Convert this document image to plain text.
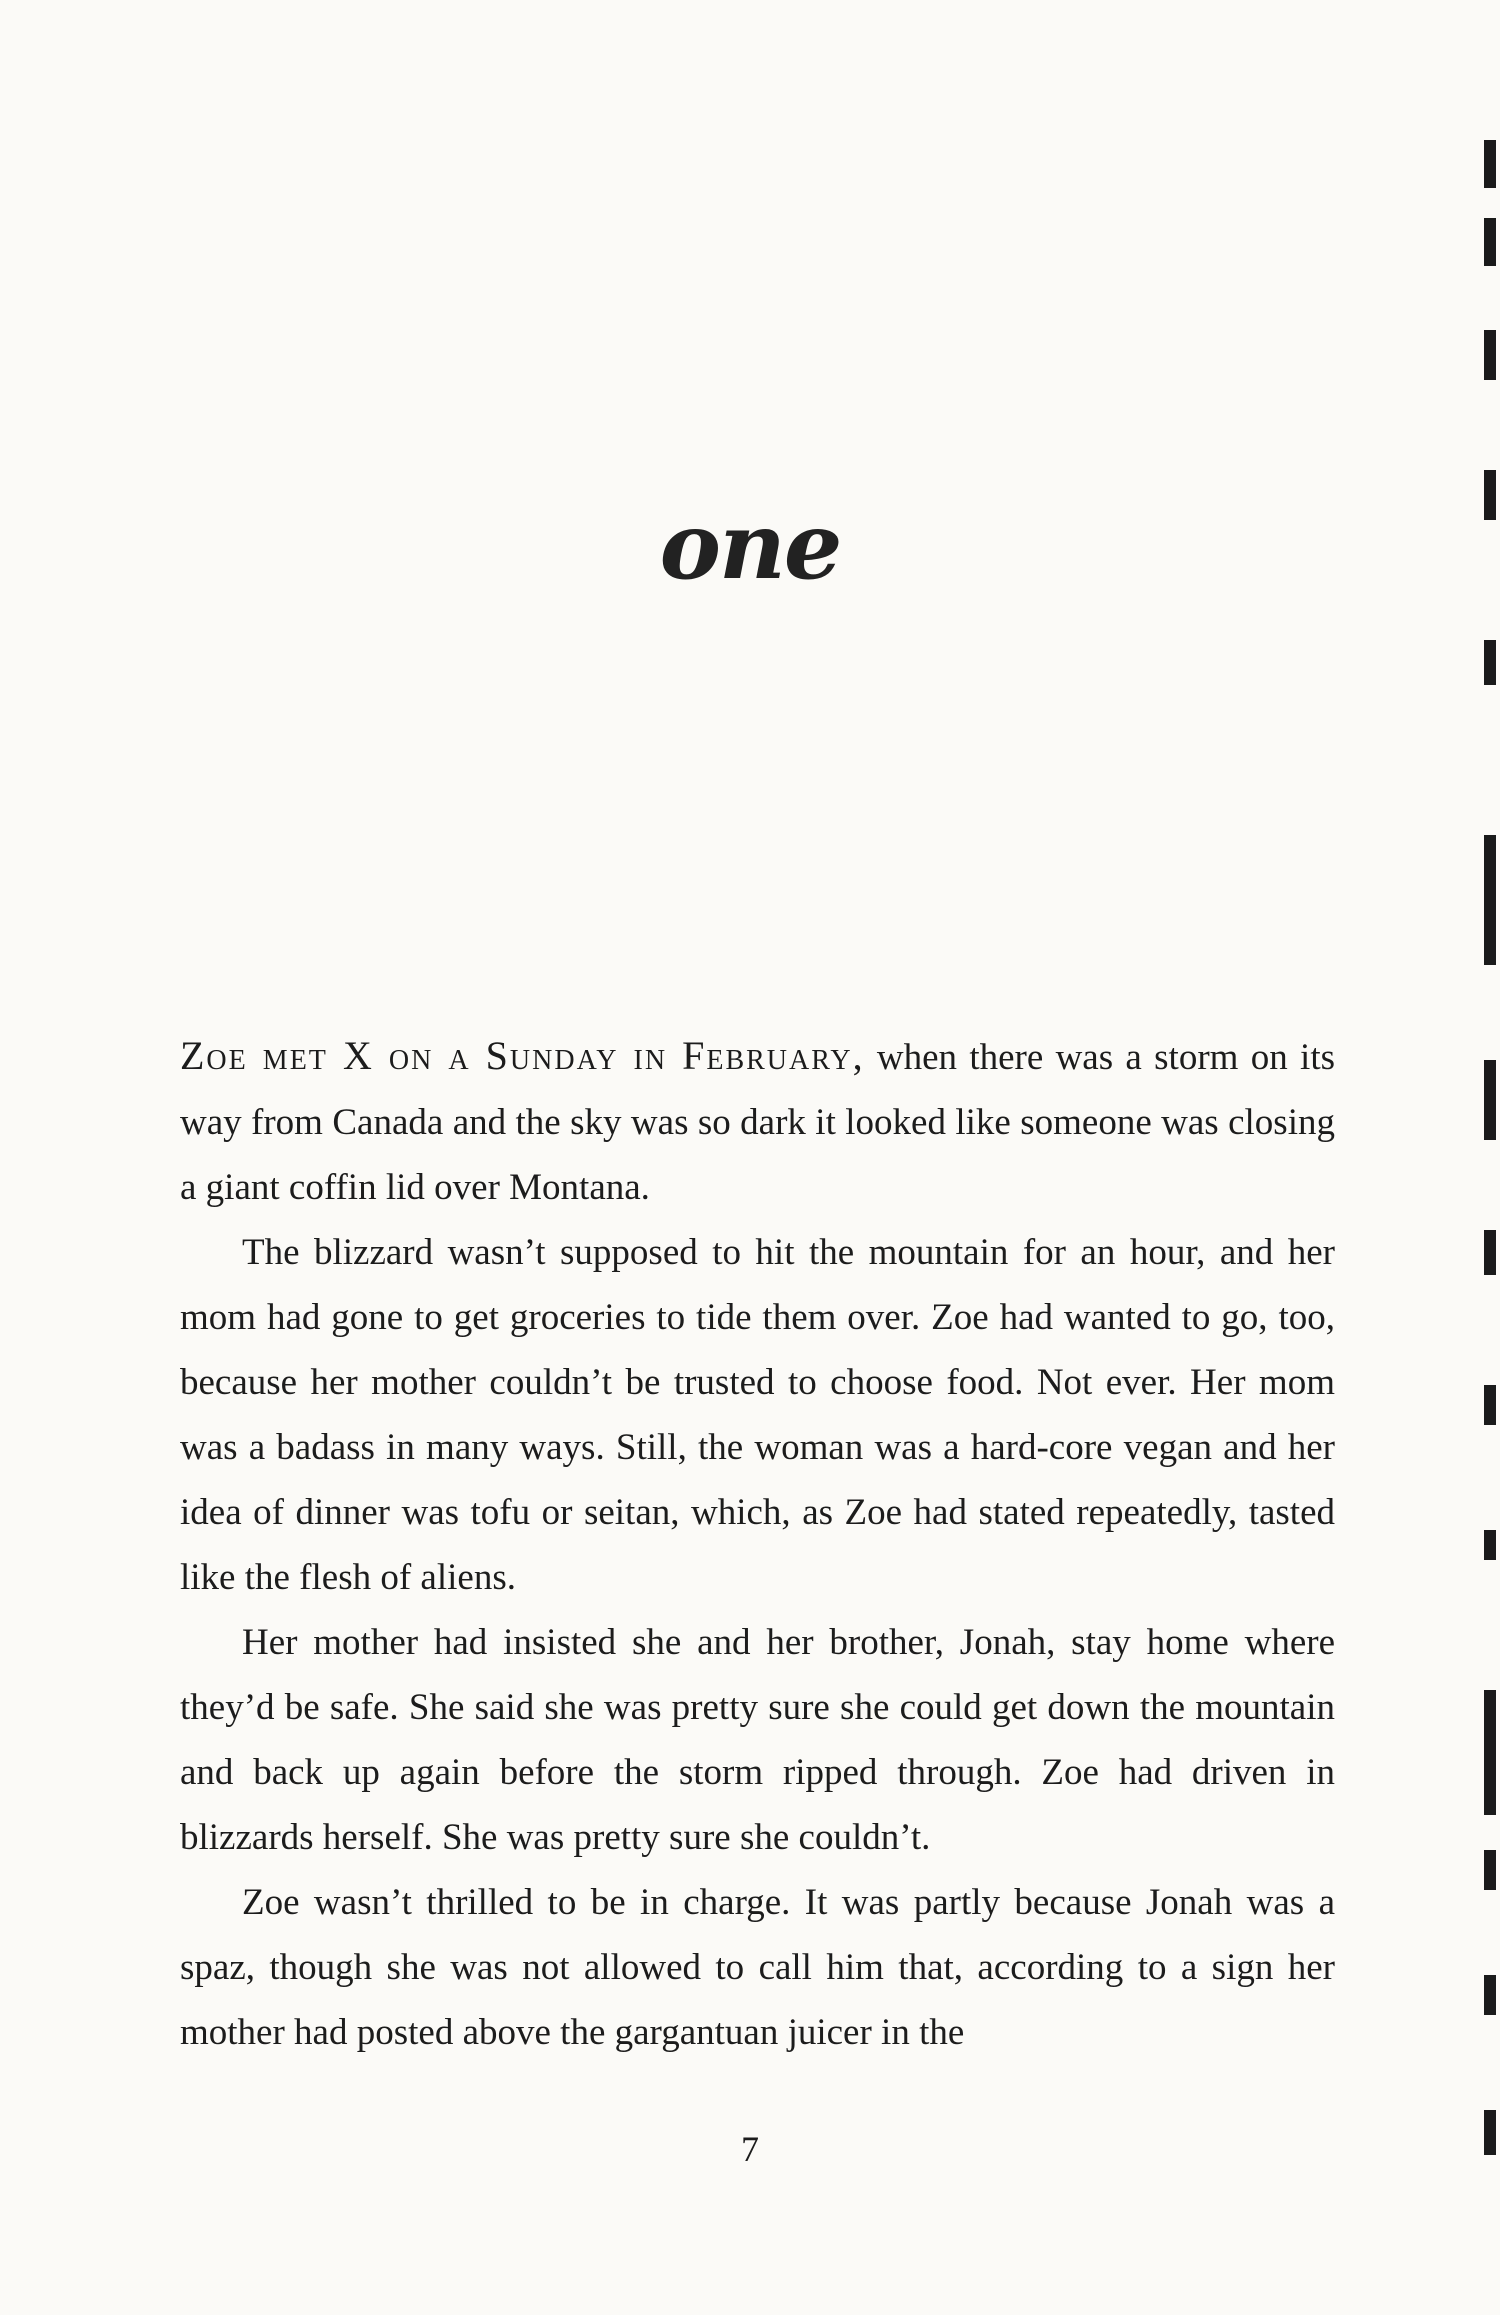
one

Zoe met X on a Sunday in February, when there was a storm on its way from Canada and the sky was so dark it looked like someone was closing a giant coffin lid over Montana.

The blizzard wasn’t supposed to hit the mountain for an hour, and her mom had gone to get groceries to tide them over. Zoe had wanted to go, too, because her mother couldn’t be trusted to choose food. Not ever. Her mom was a badass in many ways. Still, the woman was a hard-core vegan and her idea of dinner was tofu or seitan, which, as Zoe had stated repeatedly, tasted like the flesh of aliens.

Her mother had insisted she and her brother, Jonah, stay home where they’d be safe. She said she was pretty sure she could get down the mountain and back up again before the storm ripped through. Zoe had driven in blizzards herself. She was pretty sure she couldn’t.

Zoe wasn’t thrilled to be in charge. It was partly because Jonah was a spaz, though she was not allowed to call him that, according to a sign her mother had posted above the gargantuan juicer in the

7
